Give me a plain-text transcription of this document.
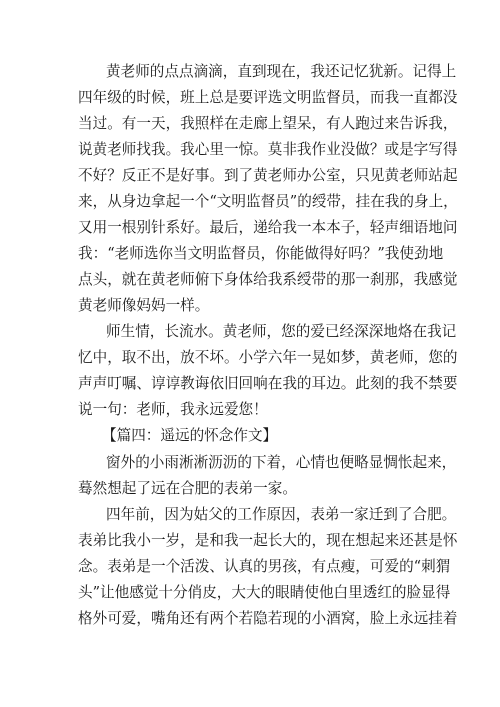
黄老师的点点滴滴，直到现在，我还记忆犹新。记得上
四年级的时候，班上总是要评选文明监督员，而我一直都没
当过。有一天，我照样在走廊上望呆，有人跑过来告诉我，
说黄老师找我。我心里一惊。莫非我作业没做？或是字写得
不好？反正不是好事。到了黄老师办公室，只见黄老师站起
来，从身边拿起一个“文明监督员”的绶带，挂在我的身上，
又用一根别针系好。最后，递给我一本本子，轻声细语地问
我：“老师选你当文明监督员，你能做得好吗？”我使劲地
点头，就在黄老师俯下身体给我系绶带的那一刹那，我感觉
黄老师像妈妈一样。
师生情，长流水。黄老师，您的爱已经深深地烙在我记
忆中，取不出，放不坏。小学六年一晃如梦，黄老师，您的
声声叮嘱、谆谆教诲依旧回响在我的耳边。此刻的我不禁要
说一句：老师，我永远爱您！
【篇四：遥远的怀念作文】
窗外的小雨淅淅沥沥的下着，心情也便略显惆怅起来，
蓦然想起了远在合肥的表弟一家。
四年前，因为姑父的工作原因，表弟一家迁到了合肥。
表弟比我小一岁，是和我一起长大的，现在想起来还甚是怀
念。表弟是一个活泼、认真的男孩，有点瘦，可爱的“刺猬
头”让他感觉十分俏皮，大大的眼睛使他白里透红的脸显得
格外可爱，嘴角还有两个若隐若现的小酒窝，脸上永远挂着
